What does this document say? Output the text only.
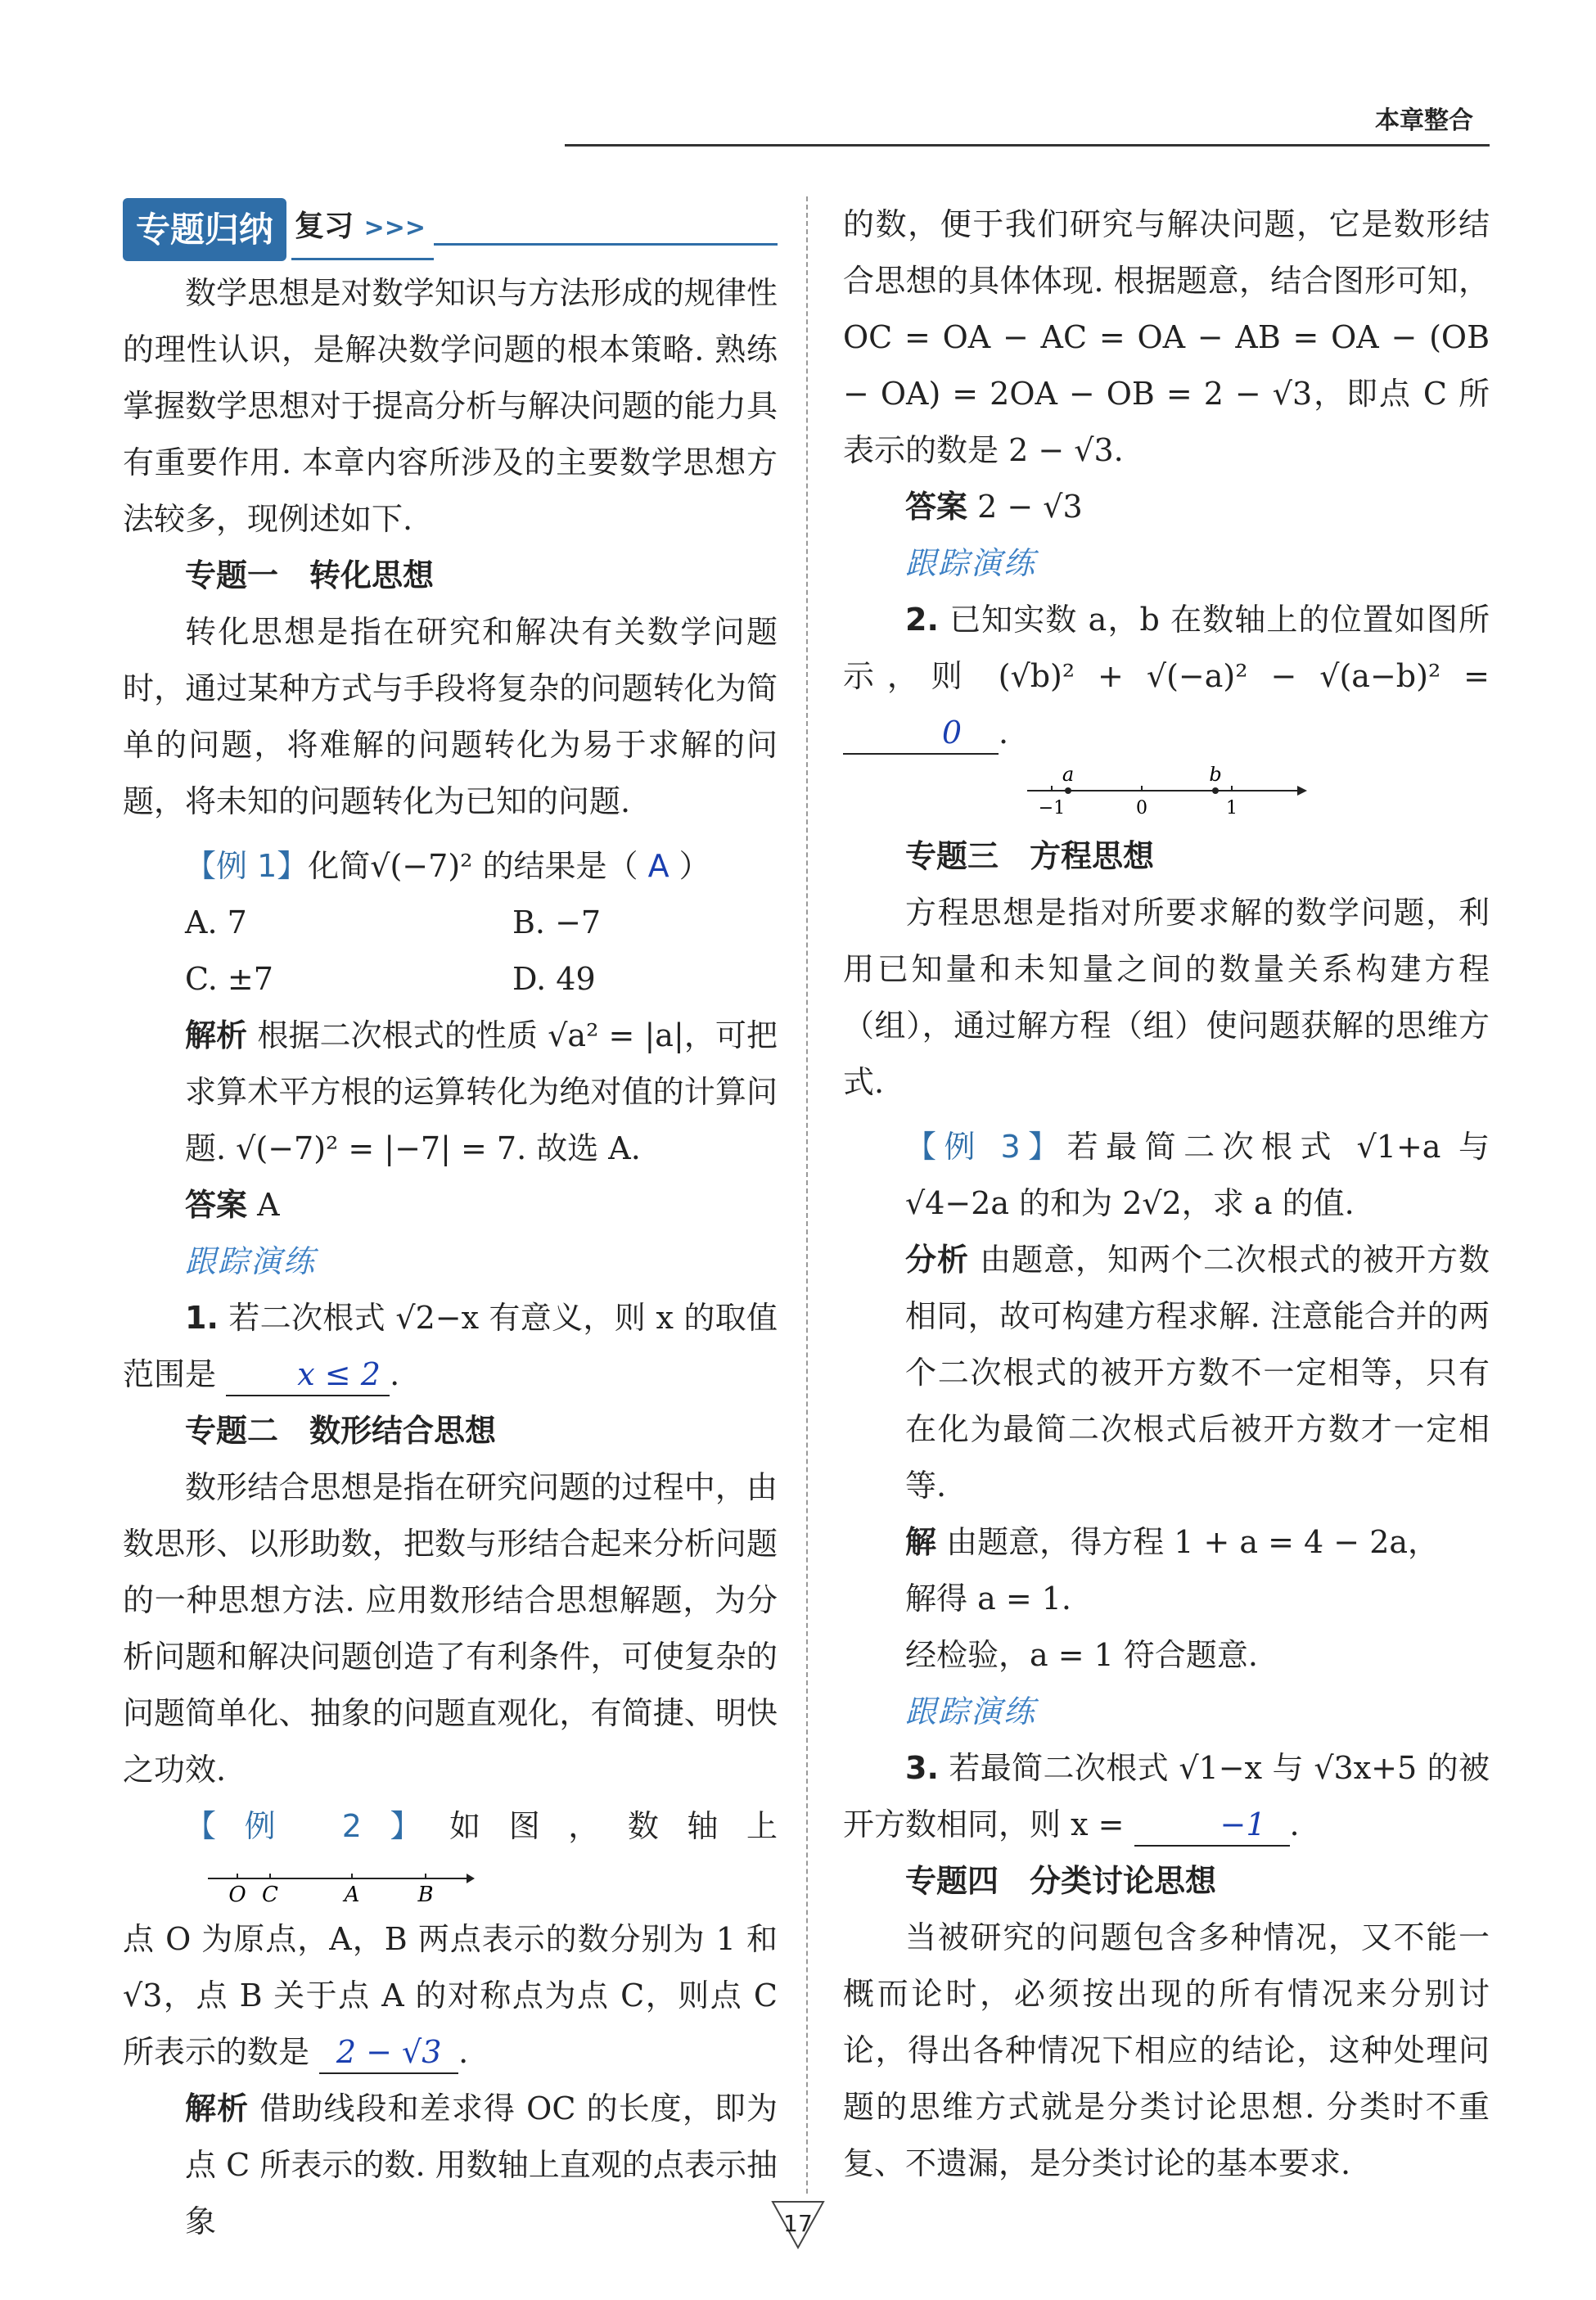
本章整合
专题归纳 复习 >>>

数学思想是对数学知识与方法形成的规律性的理性认识，是解决数学问题的根本策略. 熟练掌握数学思想对于提高分析与解决问题的能力具有重要作用. 本章内容所涉及的主要数学思想方法较多，现例述如下.

专题一　转化思想

转化思想是指在研究和解决有关数学问题时，通过某种方式与手段将复杂的问题转化为简单的问题，将难解的问题转化为易于求解的问题，将未知的问题转化为已知的问题.

【例 1】化简√(−7)² 的结果是（ A ）

A. 7	B. −7
C. ±7	D. 49

解析 根据二次根式的性质 √a² = |a|，可把求算术平方根的运算转化为绝对值的计算问题. √(−7)² = |−7| = 7. 故选 A.

答案 A

跟踪演练

1. 若二次根式 √2−x 有意义，则 x 的取值范围是	x ≤ 2 .

专题二　数形结合思想

数形结合思想是指在研究问题的过程中，由数思形、以形助数，把数与形结合起来分析问题的一种思想方法. 应用数形结合思想解题，为分析问题和解决问题创造了有利条件，可使复杂的问题简单化、抽象的问题直观化，有简捷、明快之功效.

【例 2】如图，数轴上
O C	A	B

点 O 为原点，A，B 两点表示的数分别为 1 和 √3，点 B 关于点 A 的对称点为点 C，则点 C 所表示的数是 2 − √3 .

解析 借助线段和差求得 OC 的长度，即为点 C 所表示的数. 用数轴上直观的点表示抽象

的数，便于我们研究与解决问题，它是数形结合思想的具体体现. 根据题意，结合图形可知，OC = OA − AC = OA − AB = OA − (OB − OA) = 2OA − OB = 2 − √3，即点 C 所表示的数是 2 − √3.

答案 2 − √3

跟踪演练

2. 已知实数 a，b 在数轴上的位置如图所示，则 (√b)² + √(−a)² − √(a−b)² = 0 .

−1	0	1
a	b

专题三　方程思想

方程思想是指对所要求解的数学问题，利用已知量和未知量之间的数量关系构建方程（组），通过解方程（组）使问题获解的思维方式.

【例 3】若最简二次根式 √1+a 与 √4−2a 的和为 2√2，求 a 的值.

分析 由题意，知两个二次根式的被开方数相同，故可构建方程求解. 注意能合并的两个二次根式的被开方数不一定相等，只有在化为最简二次根式后被开方数才一定相等.

解 由题意，得方程 1 + a = 4 − 2a，

解得 a = 1.

经检验，a = 1 符合题意.

跟踪演练

3. 若最简二次根式 √1−x 与 √3x+5 的被开方数相同，则 x =	−1 .

专题四　分类讨论思想

当被研究的问题包含多种情况，又不能一概而论时，必须按出现的所有情况来分别讨论，得出各种情况下相应的结论，这种处理问题的思维方式就是分类讨论思想. 分类时不重复、不遗漏，是分类讨论的基本要求.

17
